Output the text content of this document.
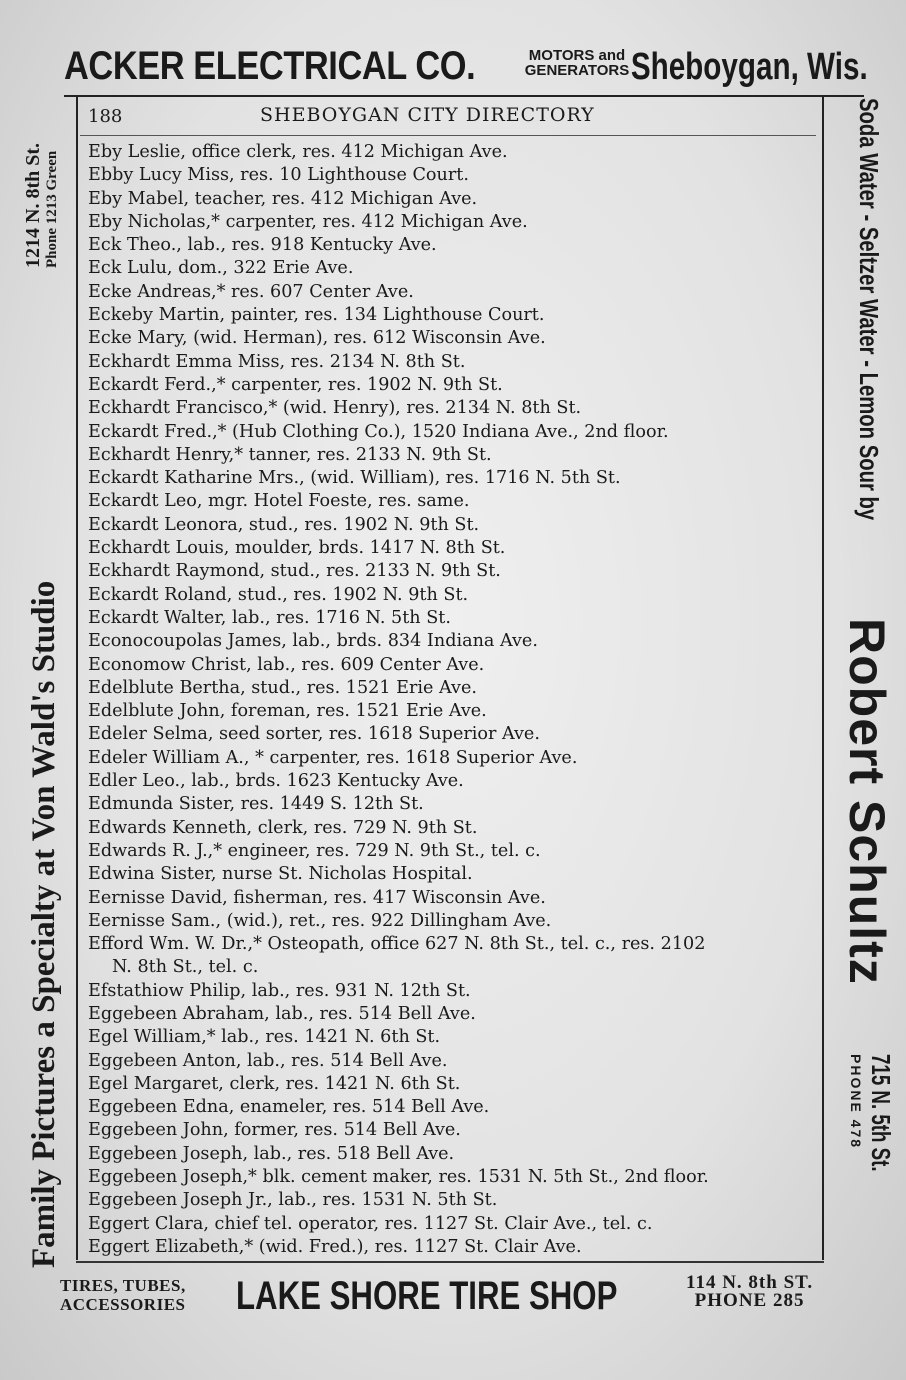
ACKER ELECTRICAL CO.	MOTORS and
GENERATORS Sheboygan, Wis.
Family Pictures a Specialty at Von Wald's Studio
1214 N. 8th St. Phone 1213 Green	Soda Water - Seltzer Water - Lemon Sour by
Robert Schultz
715 N. 5th St.
PHONE 478
188	SHEBOYGAN CITY DIRECTORY
Eby Leslie, office clerk, res. 412 Michigan Ave.
Ebby Lucy Miss, res. 10 Lighthouse Court.
Eby Mabel, teacher, res. 412 Michigan Ave.
Eby Nicholas,* carpenter, res. 412 Michigan Ave.
Eck Theo., lab., res. 918 Kentucky Ave.
Eck Lulu, dom., 322 Erie Ave.
Ecke Andreas,* res. 607 Center Ave.
Eckeby Martin, painter, res. 134 Lighthouse Court.
Ecke Mary, (wid. Herman), res. 612 Wisconsin Ave.
Eckhardt Emma Miss, res. 2134 N. 8th St.
Eckardt Ferd.,* carpenter, res. 1902 N. 9th St.
Eckhardt Francisco,* (wid. Henry), res. 2134 N. 8th St.
Eckardt Fred.,* (Hub Clothing Co.), 1520 Indiana Ave., 2nd floor.
Eckhardt Henry,* tanner, res. 2133 N. 9th St.
Eckardt Katharine Mrs., (wid. William), res. 1716 N. 5th St.
Eckardt Leo, mgr. Hotel Foeste, res. same.
Eckardt Leonora, stud., res. 1902 N. 9th St.
Eckhardt Louis, moulder, brds. 1417 N. 8th St.
Eckhardt Raymond, stud., res. 2133 N. 9th St.
Eckardt Roland, stud., res. 1902 N. 9th St.
Eckardt Walter, lab., res. 1716 N. 5th St.
Econocoupolas James, lab., brds. 834 Indiana Ave.
Economow Christ, lab., res. 609 Center Ave.
Edelblute Bertha, stud., res. 1521 Erie Ave.
Edelblute John, foreman, res. 1521 Erie Ave.
Edeler Selma, seed sorter, res. 1618 Superior Ave.
Edeler William A., * carpenter, res. 1618 Superior Ave.
Edler Leo., lab., brds. 1623 Kentucky Ave.
Edmunda Sister, res. 1449 S. 12th St.
Edwards Kenneth, clerk, res. 729 N. 9th St.
Edwards R. J.,* engineer, res. 729 N. 9th St., tel. c.
Edwina Sister, nurse St. Nicholas Hospital.
Eernisse David, fisherman, res. 417 Wisconsin Ave.
Eernisse Sam., (wid.), ret., res. 922 Dillingham Ave.
Efford Wm. W. Dr.,* Osteopath, office 627 N. 8th St., tel. c., res. 2102
N. 8th St., tel. c.
Efstathiow Philip, lab., res. 931 N. 12th St.
Eggebeen Abraham, lab., res. 514 Bell Ave.
Egel William,* lab., res. 1421 N. 6th St.
Eggebeen Anton, lab., res. 514 Bell Ave.
Egel Margaret, clerk, res. 1421 N. 6th St.
Eggebeen Edna, enameler, res. 514 Bell Ave.
Eggebeen John, former, res. 514 Bell Ave.
Eggebeen Joseph, lab., res. 518 Bell Ave.
Eggebeen Joseph,* blk. cement maker, res. 1531 N. 5th St., 2nd floor.
Eggebeen Joseph Jr., lab., res. 1531 N. 5th St.
Eggert Clara, chief tel. operator, res. 1127 St. Clair Ave., tel. c.
Eggert Elizabeth,* (wid. Fred.), res. 1127 St. Clair Ave.
TIRES, TUBES,
ACCESSORIES LAKE SHORE TIRE SHOP	114 N. 8th ST.
PHONE 285
